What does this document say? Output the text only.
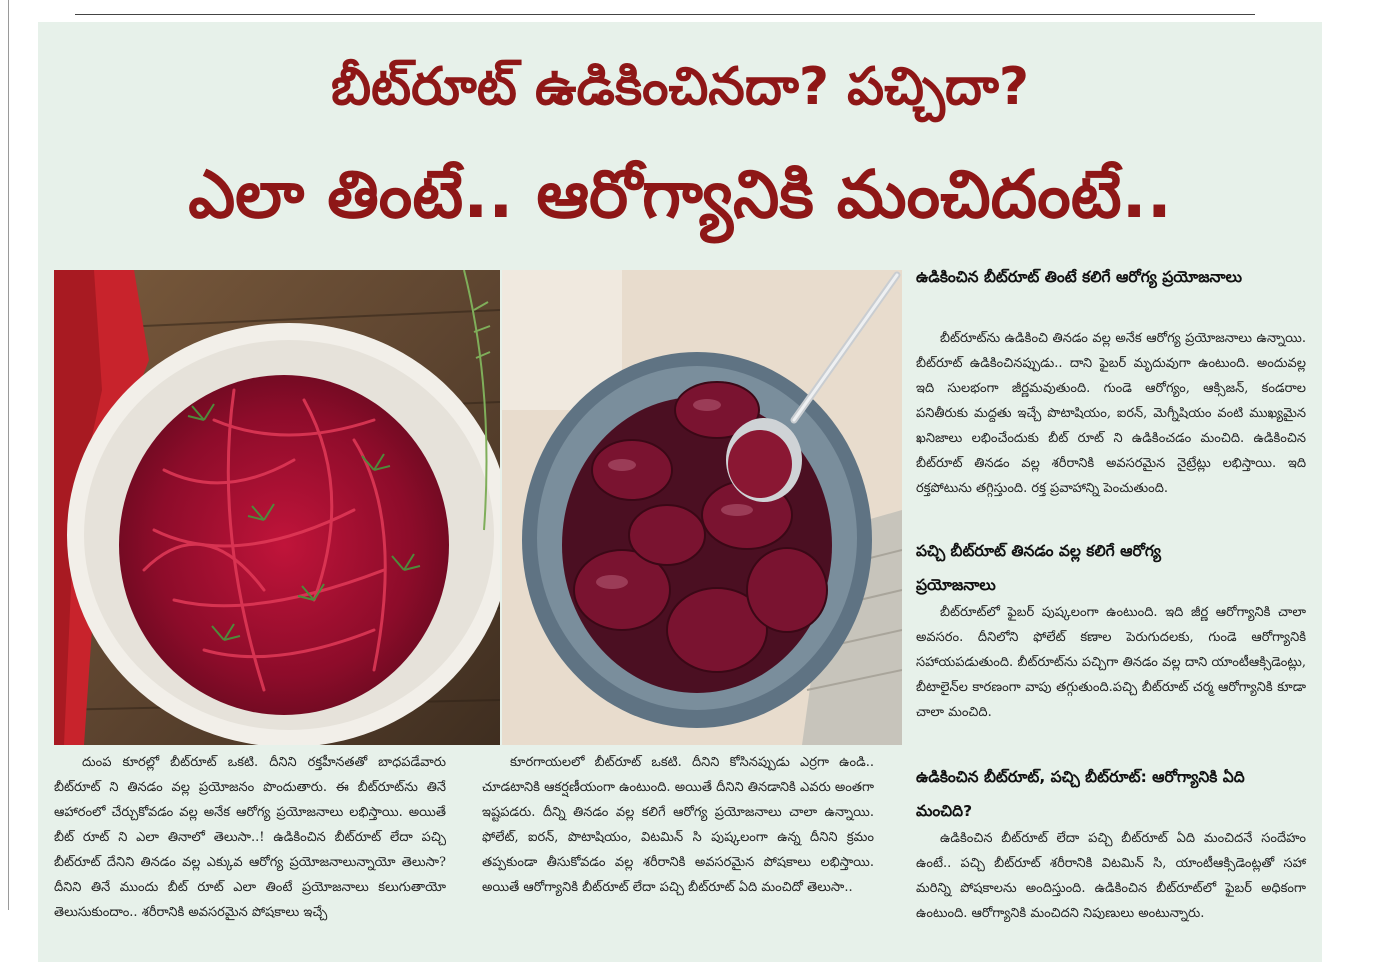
బీట్‌రూట్ ఉడికించినదా? పచ్చిదా?
ఎలా తింటే.. ఆరోగ్యానికి మంచిదంటే..
దుంప కూరల్లో బీట్‌రూట్ ఒకటి. దీనిని రక్తహీనతతో బాధపడేవారు బీట్‌రూట్ ని తినడం వల్ల ప్రయోజనం పొందుతారు. ఈ బీట్‌రూట్‌ను తినే ఆహారంలో చేర్చుకోవడం వల్ల అనేక ఆరోగ్య ప్రయోజనాలు లభిస్తాయి. అయితే బీట్ రూట్ ని ఎలా తినాలో తెలుసా..! ఉడికించిన బీట్‌రూట్ లేదా పచ్చి బీట్‌రూట్ దేనిని తినడం వల్ల ఎక్కువ ఆరోగ్య ప్రయోజనాలున్నాయో తెలుసా? దీనిని తినే ముందు బీట్ రూట్ ఎలా తింటే ప్రయోజనాలు కలుగుతాయో తెలుసుకుందాం.. శరీరానికి అవసరమైన పోషకాలు ఇచ్చే
కూరగాయలలో బీట్‌రూట్ ఒకటి. దీనిని కోసినప్పుడు ఎర్రగా ఉండి.. చూడటానికి ఆకర్షణీయంగా ఉంటుంది. అయితే దీనిని తినడానికి ఎవరు అంతగా ఇష్టపడరు. దీన్ని తినడం వల్ల కలిగే ఆరోగ్య ప్రయోజనాలు చాలా ఉన్నాయి. ఫోలేట్, ఐరన్, పొటాషియం, విటమిన్ సి పుష్కలంగా ఉన్న దీనిని క్రమం తప్పకుండా తీసుకోవడం వల్ల శరీరానికి అవసరమైన పోషకాలు లభిస్తాయి. అయితే ఆరోగ్యానికి బీట్‌రూట్ లేదా పచ్చి బీట్‌రూట్ ఏది మంచిదో తెలుసా..
ఉడికించిన బీట్‌రూట్ తింటే కలిగే ఆరోగ్య ప్రయోజనాలు
బీట్‌రూట్‌ను ఉడికించి తినడం వల్ల అనేక ఆరోగ్య ప్రయోజనాలు ఉన్నాయి. బీట్‌రూట్ ఉడికించినప్పుడు.. దాని ఫైబర్ మృదువుగా ఉంటుంది. అందువల్ల ఇది సులభంగా జీర్ణమవుతుంది. గుండె ఆరోగ్యం, ఆక్సిజన్, కండరాల పనితీరుకు మద్దతు ఇచ్చే పొటాషియం, ఐరన్, మెగ్నీషియం వంటి ముఖ్యమైన ఖనిజాలు లభించేందుకు బీట్ రూట్ ని ఉడికించడం మంచిది. ఉడికించిన బీట్‌రూట్ తినడం వల్ల శరీరానికి అవసరమైన నైట్రేట్లు లభిస్తాయి. ఇది రక్తపోటును తగ్గిస్తుంది. రక్త ప్రవాహాన్ని పెంచుతుంది.
పచ్చి బీట్‌రూట్ తినడం వల్ల కలిగే ఆరోగ్య ప్రయోజనాలు
బీట్‌రూట్‌లో ఫైబర్ పుష్కలంగా ఉంటుంది. ఇది జీర్ణ ఆరోగ్యానికి చాలా అవసరం. దీనిలోని ఫోలేట్ కణాల పెరుగుదలకు, గుండె ఆరోగ్యానికి సహాయపడుతుంది. బీట్‌రూట్‌ను పచ్చిగా తినడం వల్ల దాని యాంటీఆక్సిడెంట్లు, బీటాలైన్‌ల కారణంగా వాపు తగ్గుతుంది.పచ్చి బీట్‌రూట్ చర్మ ఆరోగ్యానికి కూడా చాలా మంచిది.
ఉడికించిన బీట్‌రూట్, పచ్చి బీట్‌రూట్: ఆరోగ్యానికి ఏది మంచిది?
ఉడికించిన బీట్‌రూట్ లేదా పచ్చి బీట్‌రూట్ ఏది మంచిదనే సందేహం ఉంటే.. పచ్చి బీట్‌రూట్ శరీరానికి విటమిన్ సి, యాంటీఆక్సిడెంట్లతో సహా మరిన్ని పోషకాలను అందిస్తుంది. ఉడికించిన బీట్‌రూట్‌లో ఫైబర్ అధికంగా ఉంటుంది. ఆరోగ్యానికి మంచిదని నిపుణులు అంటున్నారు.
